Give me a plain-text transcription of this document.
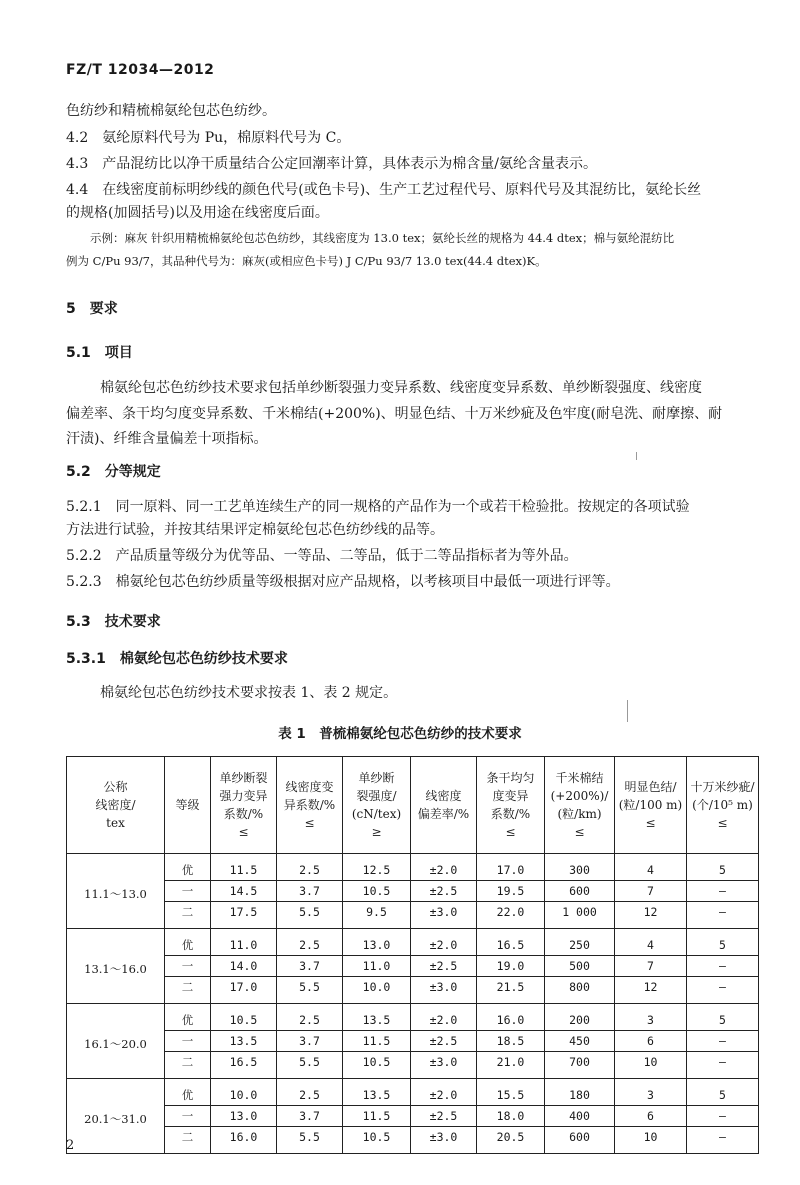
FZ/T 12034—2012
色纺纱和精梳棉氨纶包芯色纺纱。
4.2　氨纶原料代号为 Pu，棉原料代号为 C。
4.3　产品混纺比以净干质量结合公定回潮率计算，具体表示为棉含量/氨纶含量表示。
4.4　在线密度前标明纱线的颜色代号(或色卡号)、生产工艺过程代号、原料代号及其混纺比，氨纶长丝
的规格(加圆括号)以及用途在线密度后面。
示例：麻灰 针织用精梳棉氨纶包芯色纺纱，其线密度为 13.0 tex；氨纶长丝的规格为 44.4 dtex；棉与氨纶混纺比
例为 C/Pu 93/7，其品种代号为：麻灰(或相应色卡号) J C/Pu 93/7 13.0 tex(44.4 dtex)K。
5　要求
5.1　项目
棉氨纶包芯色纺纱技术要求包括单纱断裂强力变异系数、线密度变异系数、单纱断裂强度、线密度
偏差率、条干均匀度变异系数、千米棉结(+200%)、明显色结、十万米纱疵及色牢度(耐皂洗、耐摩擦、耐
汗渍)、纤维含量偏差十项指标。
5.2　分等规定
5.2.1　同一原料、同一工艺单连续生产的同一规格的产品作为一个或若干检验批。按规定的各项试验
方法进行试验，并按其结果评定棉氨纶包芯色纺纱线的品等。
5.2.2　产品质量等级分为优等品、一等品、二等品，低于二等品指标者为等外品。
5.2.3　棉氨纶包芯色纺纱质量等级根据对应产品规格，以考核项目中最低一项进行评等。
5.3　技术要求
5.3.1　棉氨纶包芯色纺纱技术要求
棉氨纶包芯色纺纱技术要求按表 1、表 2 规定。
表 1　普梳棉氨纶包芯色纺纱的技术要求
公称
线密度/
tex	等级	单纱断裂
强力变异
系数/%
≤	线密度变
异系数/%
≤	单纱断
裂强度/
(cN/tex)
≥	线密度
偏差率/%	条干均匀
度变异
系数/%
≤	千米棉结
(+200%)/
(粒/km)
≤	明显色结/
(粒/100 m)
≤	十万米纱疵/
(个/10⁵ m)
≤
11.1～13.0	优	11.5	2.5	12.5	±2.0	17.0	300	4	5
	一	14.5	3.7	10.5	±2.5	19.5	600	7	—
	二	17.5	5.5	9.5	±3.0	22.0	1 000	12	—
13.1～16.0	优	11.0	2.5	13.0	±2.0	16.5	250	4	5
	一	14.0	3.7	11.0	±2.5	19.0	500	7	—
	二	17.0	5.5	10.0	±3.0	21.5	800	12	—
16.1～20.0	优	10.5	2.5	13.5	±2.0	16.0	200	3	5
	一	13.5	3.7	11.5	±2.5	18.5	450	6	—
	二	16.5	5.5	10.5	±3.0	21.0	700	10	—
20.1～31.0	优	10.0	2.5	13.5	±2.0	15.5	180	3	5
	一	13.0	3.7	11.5	±2.5	18.0	400	6	—
	二	16.0	5.5	10.5	±3.0	20.5	600	10	—
2
